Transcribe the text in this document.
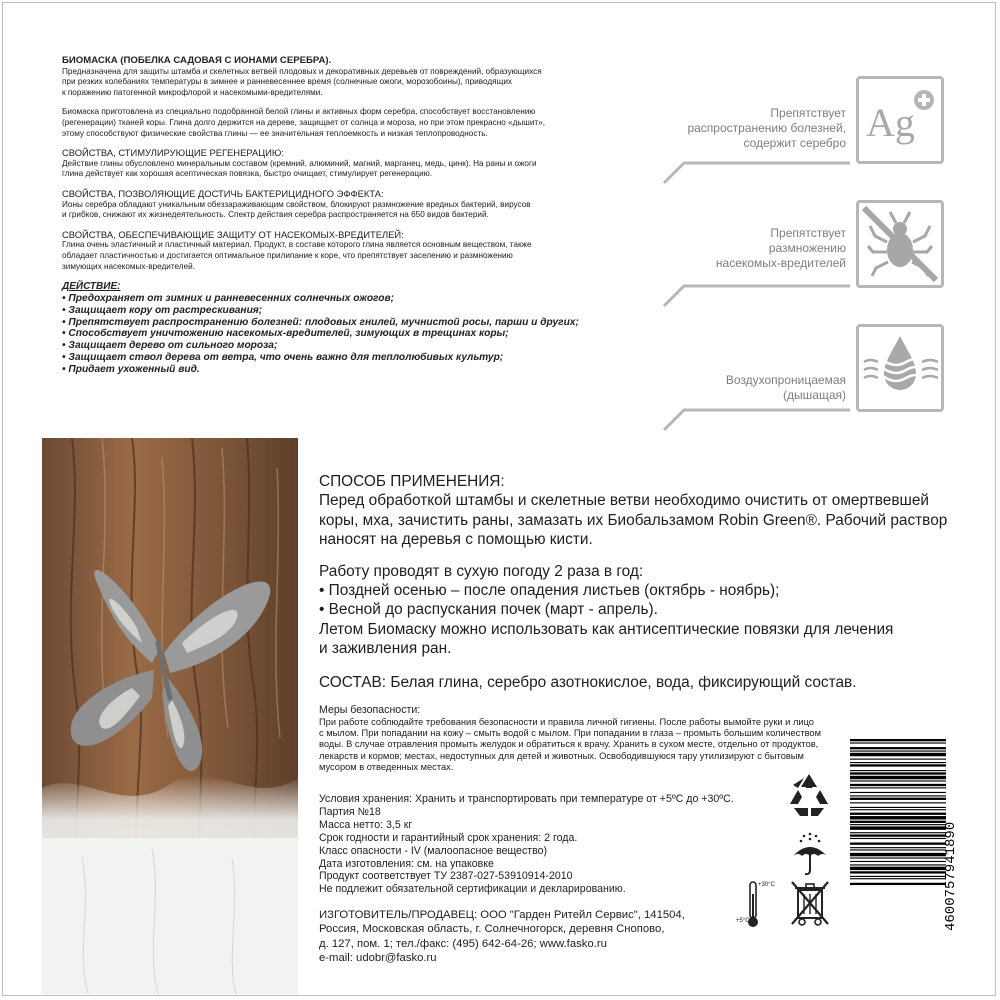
БИОМАСКА (ПОБЕЛКА САДОВАЯ С ИОНАМИ СЕРЕБРА).
Предназначена для защиты штамба и скелетных ветвей плодовых и декоративных деревьев от повреждений, образующихся
при резких колебаниях температуры в зимнее и ранневесеннее время (солнечные ожоги, морозобоины), приводящих
к поражению патогенной микрофлорой и насекомыми-вредителями.
Биомаска приготовлена из специально подобранной белой глины и активных форм серебра, способствует восстановлению
(регенерации) тканей коры. Глина долго держится на дереве, защищает от солнца и мороза, но при этом прекрасно «дышит»,
этому способствуют физические свойства глины — ее значительная теплоемкость и низкая теплопроводность.
СВОЙСТВА, СТИМУЛИРУЮЩИЕ РЕГЕНЕРАЦИЮ:
Действие глины обусловлено минеральным составом (кремний, алюминий, магний, марганец, медь, цинк). На раны и ожоги
глина действует как хорошая асептическая повязка, быстро очищает, стимулирует регенерацию.
СВОЙСТВА, ПОЗВОЛЯЮЩИЕ ДОСТИЧЬ БАКТЕРИЦИДНОГО ЭФФЕКТА:
Ионы серебра обладают уникальным обеззараживающим свойством, блокируют размножение вредных бактерий, вирусов
и грибков, снижают их жизнедеятельность. Спектр действия серебра распространяется на 650 видов бактерий.
СВОЙСТВА, ОБЕСПЕЧИВАЮЩИЕ ЗАЩИТУ ОТ НАСЕКОМЫХ-ВРЕДИТЕЛЕЙ:
Глина очень эластичный и пластичный материал. Продукт, в составе которого глина является основным веществом, также
обладает пластичностью и достигается оптимальное прилипание к коре, что препятствует заселению и размножению
зимующих насекомых-вредителей.
ДЕЙСТВИЕ:
• Предохраняет от зимних и ранневесенних солнечных ожогов;
• Защищает кору от растрескивания;
• Препятствует распространению болезней: плодовых гнилей, мучнистой росы, парши и других;
• Способствует уничтожению насекомых-вредителей, зимующих в трещинах коры;
• Защищает дерево от сильного мороза;
• Защищает ствол дерева от ветра, что очень важно для теплолюбивых культур;
• Придает ухоженный вид.
Препятствует
распространению болезней,
содержит серебро Ag
Препятствует
размножению
насекомых-вредителей
Воздухопроницаемая
(дышащая)
СПОСОБ ПРИМЕНЕНИЯ:
Перед обработкой штамбы и скелетные ветви необходимо очистить от омертвевшей
коры, мха, зачистить раны, замазать их Биобальзамом Robin Green®. Рабочий раствор
наносят на деревья с помощью кисти.
Работу проводят в сухую погоду 2 раза в год:
• Поздней осенью – после опадения листьев (октябрь - ноябрь);
• Весной до распускания почек (март - апрель).
Летом Биомаску можно использовать как антисептические повязки для лечения
и заживления ран.
СОСТАВ: Белая глина, серебро азотнокислое, вода, фиксирующий состав.
Меры безопасности:
При работе соблюдайте требования безопасности и правила личной гигиены. После работы вымойте руки и лицо
с мылом. При попадании на кожу – смыть водой с мылом. При попадании в глаза – промыть большим количеством
воды. В случае отравления промыть желудок и обратиться к врачу. Хранить в сухом месте, отдельно от продуктов,
лекарств и кормов; местах, недоступных для детей и животных. Освободившуюся тару утилизируют с бытовым
мусором в отведенных местах.
Условия хранения: Хранить и транспортировать при температуре от +5ºС до +30ºС.
Партия №18
Масса нетто: 3,5 кг
Срок годности и гарантийный срок хранения: 2 года.
Класс опасности - IV (малоопасное вещество)
Дата изготовления: см. на упаковке
Продукт соответствует ТУ 2387-027-53910914-2010
Не подлежит обязательной сертификации и декларированию.
ИЗГОТОВИТЕЛЬ/ПРОДАВЕЦ: ООО "Гарден Ритейл Сервис", 141504,
Россия, Московская область, г. Солнечногорск, деревня Снопово,
д. 127, пом. 1; тел./факс: (495) 642-64-26; www.fasko.ru
e-mail: udobr@fasko.ru
+30°С
+5°С	4600757941890
